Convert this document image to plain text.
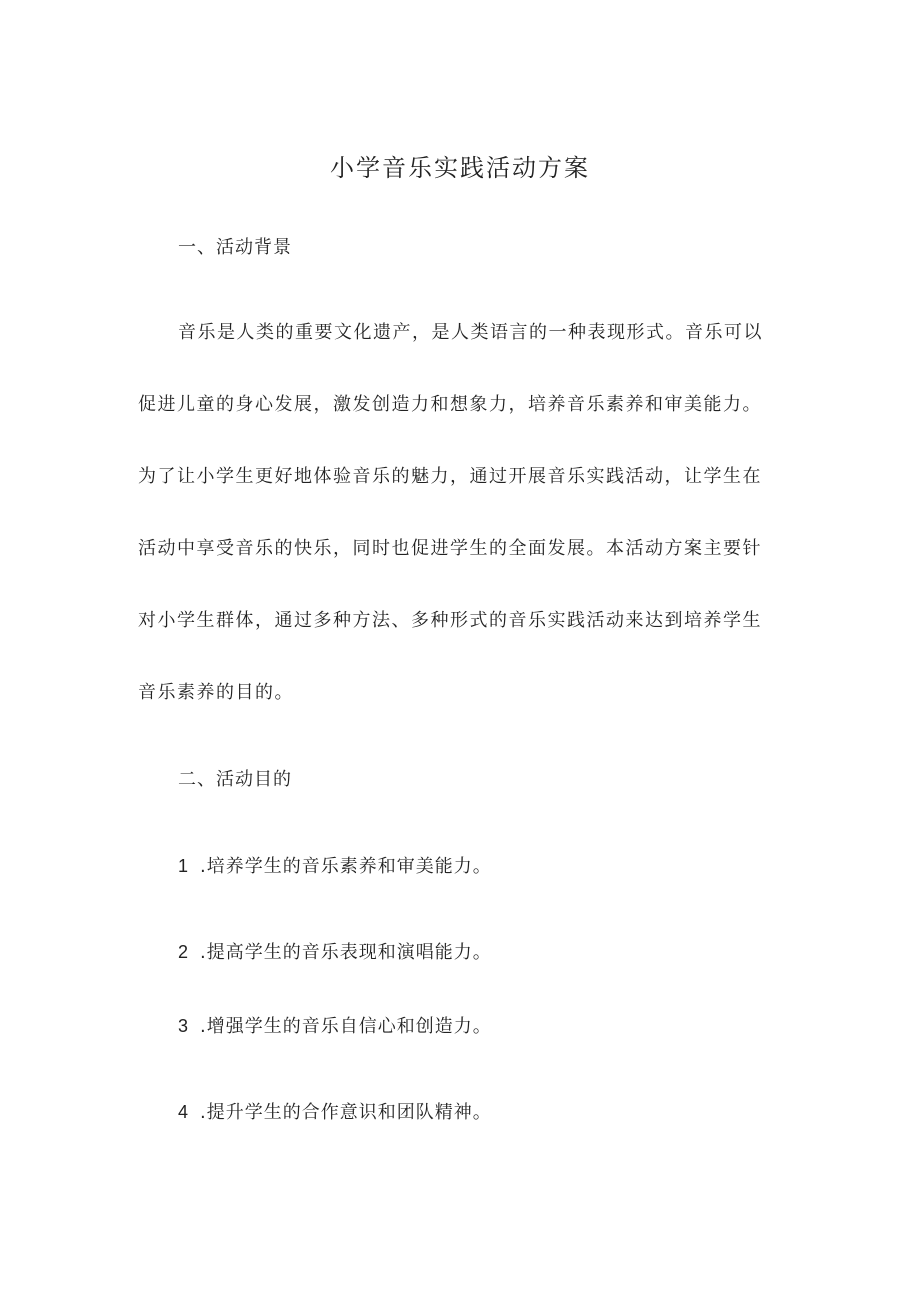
小学音乐实践活动方案
一、活动背景
音乐是人类的重要文化遗产，是人类语言的一种表现形式。音乐可以
促进儿童的身心发展，激发创造力和想象力，培养音乐素养和审美能力。
为了让小学生更好地体验音乐的魅力，通过开展音乐实践活动，让学生在
活动中享受音乐的快乐，同时也促进学生的全面发展。本活动方案主要针
对小学生群体，通过多种方法、多种形式的音乐实践活动来达到培养学生
音乐素养的目的。
二、活动目的
1 .培养学生的音乐素养和审美能力。
2 .提高学生的音乐表现和演唱能力。
3 .增强学生的音乐自信心和创造力。
4 .提升学生的合作意识和团队精神。
